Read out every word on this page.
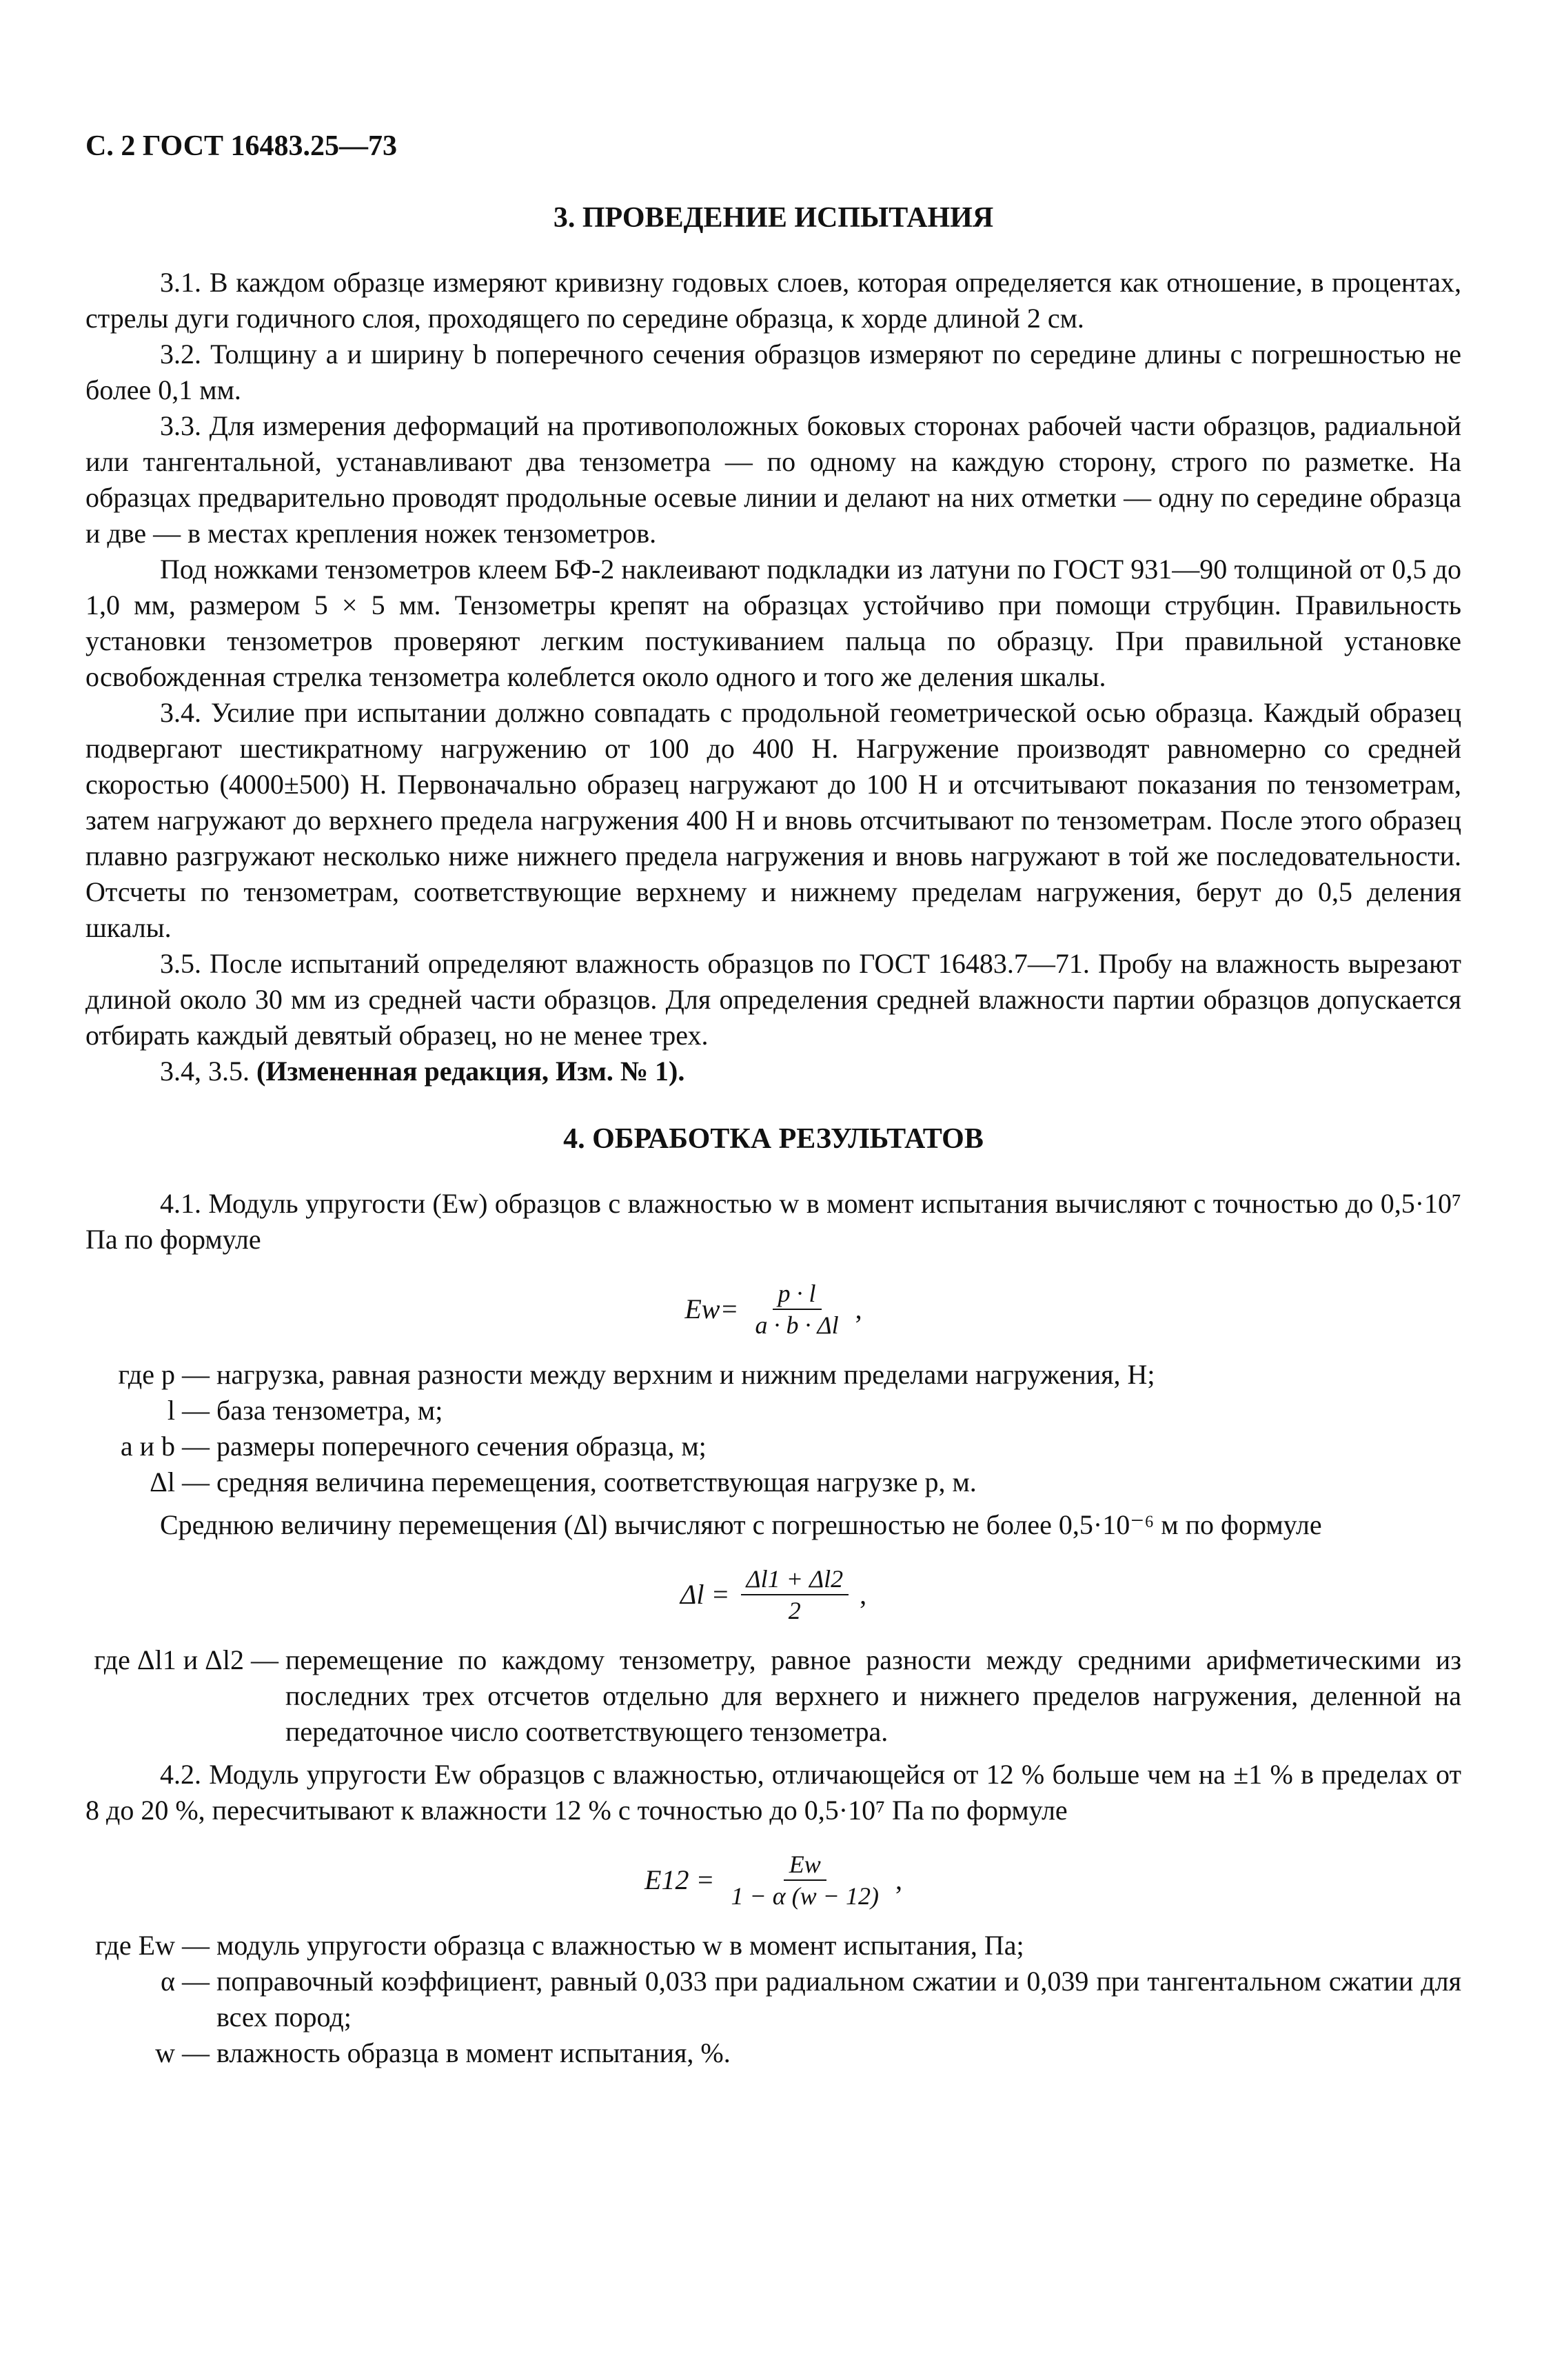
С. 2 ГОСТ 16483.25—73
3. ПРОВЕДЕНИЕ ИСПЫТАНИЯ

3.1. В каждом образце измеряют кривизну годовых слоев, которая определяется как отношение, в процентах, стрелы дуги годичного слоя, проходящего по середине образца, к хорде длиной 2 см.

3.2. Толщину a и ширину b поперечного сечения образцов измеряют по середине длины с погрешностью не более 0,1 мм.

3.3. Для измерения деформаций на противоположных боковых сторонах рабочей части образцов, радиальной или тангентальной, устанавливают два тензометра — по одному на каждую сторону, строго по разметке. На образцах предварительно проводят продольные осевые линии и делают на них отметки — одну по середине образца и две — в местах крепления ножек тензометров.

Под ножками тензометров клеем БФ-2 наклеивают подкладки из латуни по ГОСТ 931—90 толщиной от 0,5 до 1,0 мм, размером 5 × 5 мм. Тензометры крепят на образцах устойчиво при помощи струбцин. Правильность установки тензометров проверяют легким постукиванием пальца по образцу. При правильной установке освобожденная стрелка тензометра колеблется около одного и того же деления шкалы.

3.4. Усилие при испытании должно совпадать с продольной геометрической осью образца. Каждый образец подвергают шестикратному нагружению от 100 до 400 Н. Нагружение производят равномерно со средней скоростью (4000±500) Н. Первоначально образец нагружают до 100 Н и отсчитывают показания по тензометрам, затем нагружают до верхнего предела нагружения 400 Н и вновь отсчитывают по тензометрам. После этого образец плавно разгружают несколько ниже нижнего предела нагружения и вновь нагружают в той же последовательности. Отсчеты по тензометрам, соответствующие верхнему и нижнему пределам нагружения, берут до 0,5 деления шкалы.

3.5. После испытаний определяют влажность образцов по ГОСТ 16483.7—71. Пробу на влажность вырезают длиной около 30 мм из средней части образцов. Для определения средней влажности партии образцов допускается отбирать каждый девятый образец, но не менее трех.

3.4, 3.5. (Измененная редакция, Изм. № 1).

4. ОБРАБОТКА РЕЗУЛЬТАТОВ

4.1. Модуль упругости (Ew) образцов с влажностью w в момент испытания вычисляют с точностью до 0,5·10⁷ Па по формуле

$Ew= \frac{p \cdot l}{a \cdot b \cdot \Delta l}$ ,
где p — нагрузка, равная разности между верхним и нижним пределами нагружения, Н;
l — база тензометра, м;
a и b — размеры поперечного сечения образца, м;
Δl — средняя величина перемещения, соответствующая нагрузке p, м.

Среднюю величину перемещения (Δl) вычисляют с погрешностью не более 0,5·10⁻⁶ м по формуле

$\Delta l = \frac{\Delta l1 + \Delta l2}{2}$ ,
где Δl1 и Δl2 — перемещение по каждому тензометру, равное разности между средними арифметическими из последних трех отсчетов отдельно для верхнего и нижнего пределов нагружения, деленной на передаточное число соответствующего тензометра.

4.2. Модуль упругости Ew образцов с влажностью, отличающейся от 12 % больше чем на ±1 % в пределах от 8 до 20 %, пересчитывают к влажности 12 % с точностью до 0,5·10⁷ Па по формуле

$E12 = \frac{Ew}{1 - \alpha (w - 12)}$ ,
где Ew — модуль упругости образца с влажностью w в момент испытания, Па;
α — поправочный коэффициент, равный 0,033 при радиальном сжатии и 0,039 при тангентальном сжатии для всех пород;
w — влажность образца в момент испытания, %.
